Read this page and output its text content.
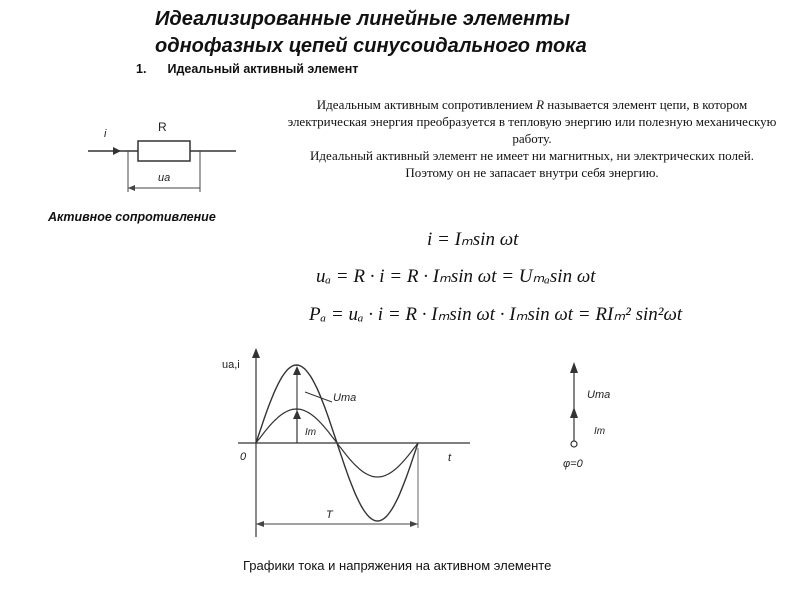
Идеализированные линейные элементы
однофазных цепей синусоидального тока
1. Идеальный активный элемент

Идеальным активным сопротивлением R называется элемент цепи, в котором электрическая энергия преобразуется в тепловую энергию или полезную механическую работу.

Идеальный активный элемент не имеет ни магнитных, ни электрических полей.

Поэтому он не запасает внутри себя энергию.

i	R
uа
Активное сопротивление
i = Iₘsin ωt
uₐ = R · i = R · Iₘsin ωt = Uₘₐsin ωt
Pₐ = uₐ · i = R · Iₘsin ωt · Iₘsin ωt = RIₘ² sin²ωt
uа,i
t
0
Uma
Im
T
Uma
Im
φ=0
Графики тока и напряжения на активном элементе
